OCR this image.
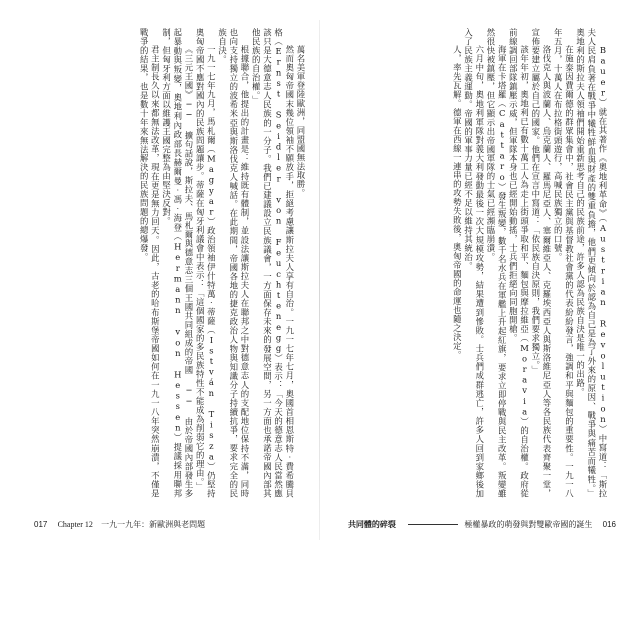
萬名美軍登陸歐洲，同盟國無法取勝。

然而奧匈帝國末幾位領袖不願放手，拒絕考慮讓斯拉夫人享有自治。一九一七年七月，奧國首相恩斯特‧費希騰貝格（Ernst Seidler von Feuchtenegg）表示：「今天的德意志人民當然應該只是大德意志人民族的一分子。我們已建議設立民族議會，一方面保存未來的發展空間，另一方面也承諾帝國內部其他民族的自治權。」

根據聯合，他提出的計畫是：維持既有體制，並設法讓斯拉夫人在聯邦之中對德意志人的支配地位保持不滿，同時也向支持獨立的波希米亞與斯洛伐克人喊話。在此期間，帝國各地的捷克政治人物與知識分子持續抗爭，要求完全的民族自決。

一九一七年九月，馬札爾（Magyar）政治領袖伊什特萬‧蒂薩（István Tisza）仍堅持奧匈帝國不應對國內的民族問題讓步。蒂薩在匈牙利議會中表示：「這個國家的多民族特性不能成為削弱它的理由。」

《三元王國》── 擴句話說，斯拉夫、馬札爾與德意志三個王國共同組成的帝國 ── 由於帝國內部發生多起暴動與叛變，奧地利內政部長赫爾曼‧馮‧海登（Hermann von Hessen）提議採用聯邦制，但匈牙利方面以維護王國完整為由堅決反對。

君主制長久以來都無法改革，現在更是無力回天。因此，古老的哈布斯堡帝國如何在一九一八年突然崩潰，不僅是戰爭的結果，也是數十年來無法解決的民族問題的總爆發。	Bauer）就在其著作《奧地利革命》（Austrian Revolution）中寫道：「斯拉夫人民肩負著在戰爭中犧牲鮮血與財產的雙重負擔，他們更傾向於認為自己是為了外來的原因、戰爭與痛苦而犧牲。」奧地利的斯拉夫人領袖們開始重新思考自己的民族前途，許多人認為民族自決是唯一的出路。

在施泰因費爾德的群眾集會中，社會民主黨與基督教社會黨的代表紛紛發言，強調和平與麵包的重要性。一九一八年五月，十萬人在布拉格街頭遊行，高喊民族獨立的口號。

洛伐克人與波蘭人、烏克蘭人、羅馬尼亞人、塞爾維亞人、克羅埃西亞人與斯洛維尼亞人等各民族代表齊聚一堂，宣佈要建立屬於自己的國家。他們在宣言中寫道：「依民族自決原則，我們要求獨立。」

該年年初，奧地利已有數十萬工人為走上街頭爭取和平、麵包與摩拉維亞（Moravia）的自治權。政府從前線調回部隊鎮壓示威，但軍隊本身也已經開始動搖，士兵們拒絕向同胞開槍。

海軍在卡塔羅（Cattaro）發生叛變，數千名水兵在軍艦上升起紅旗，要求立即停戰與民主改革。叛變雖然很快被鎮壓，但它顯示出帝國軍隊的士氣已經瀕臨崩潰。

六月中旬，奧地利軍隊對義大利發動最後一次大規模攻勢，結果遭到慘敗。士兵們成群逃亡，許多人回到家鄉後加入了民族主義運動。帝國的軍事力量已經不足以維持其統治。

人，率先瓦解。德軍在西線一連串的攻勢失敗後，奧匈帝國的命運也隨之決定。

017 Chapter 12 一九一九年：新歐洲與老問題	共同體的碎裂	極權暴政的萌發與對雙歐帝國的誕生 016
